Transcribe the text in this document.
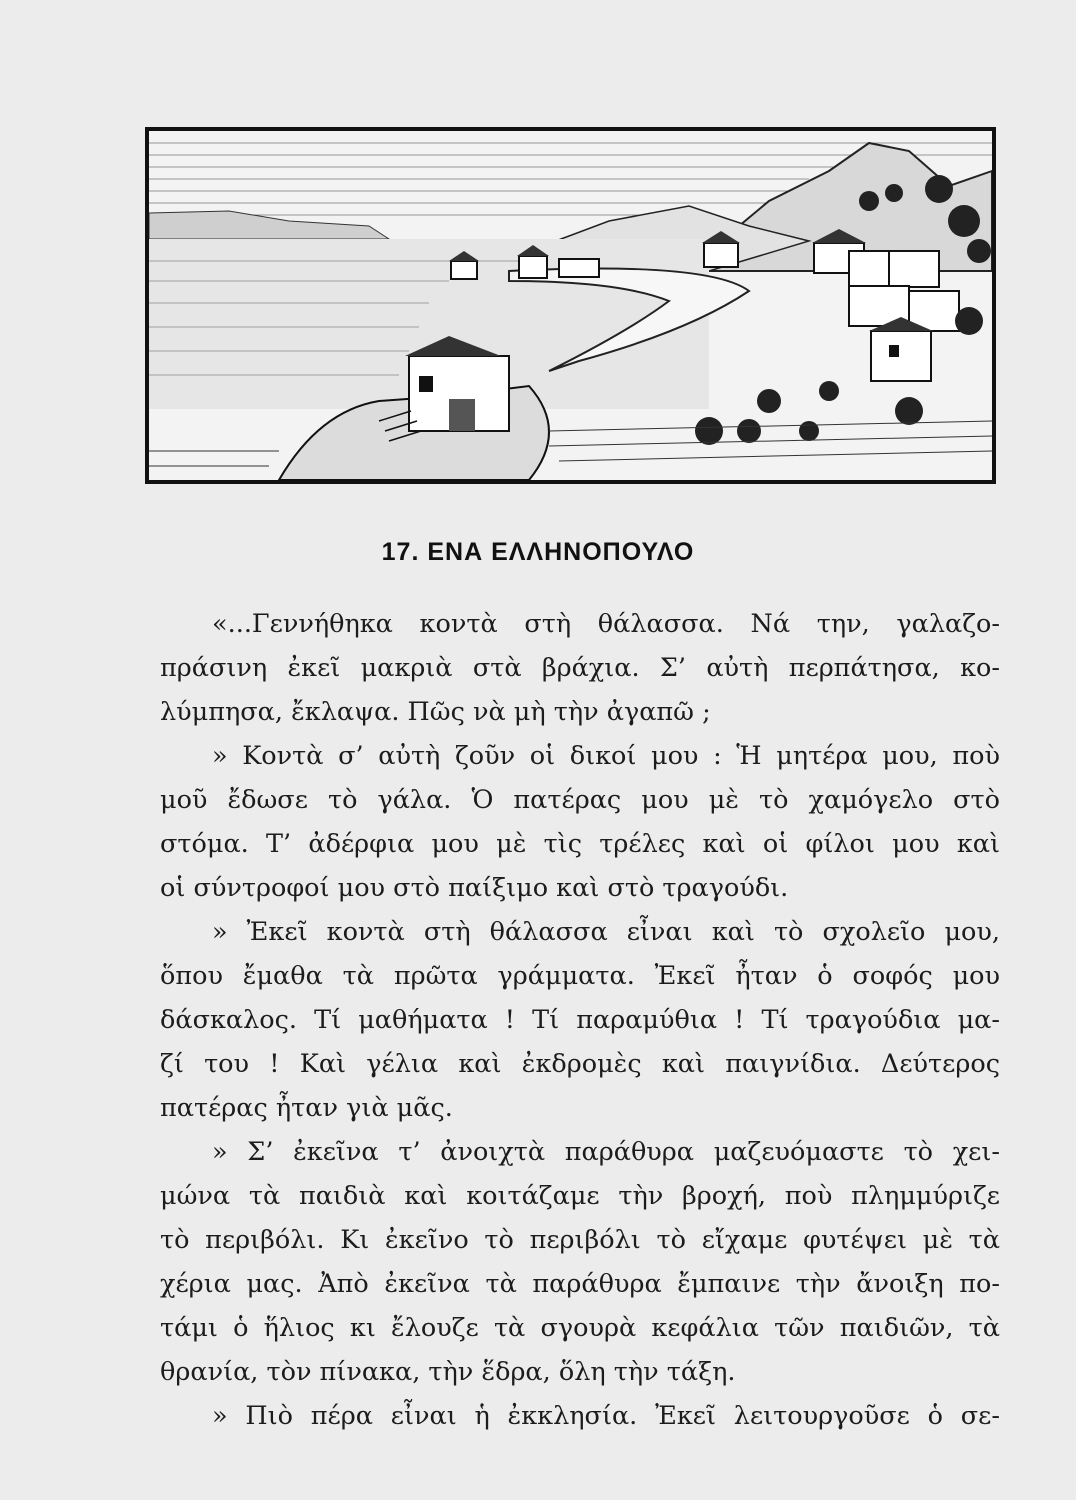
17. ΕΝΑ ΕΛΛΗΝΟΠΟΥΛΟ
«...Γεννήθηκα κοντὰ στὴ θάλασσα. Νά την, γαλαζο-
πράσινη ἐκεῖ μακριὰ στὰ βράχια. Σ’ αὐτὴ περπάτησα, κο-
λύμπησα, ἔκλαψα. Πῶς νὰ μὴ τὴν ἀγαπῶ ;
» Κοντὰ σ’ αὐτὴ ζοῦν οἱ δικοί μου : Ἡ μητέρα μου, ποὺ
μοῦ ἔδωσε τὸ γάλα. Ὁ πατέρας μου μὲ τὸ χαμόγελο στὸ
στόμα. Τ’ ἀδέρφια μου μὲ τὶς τρέλες καὶ οἱ φίλοι μου καὶ
οἱ σύντροφοί μου στὸ παίξιμο καὶ στὸ τραγούδι.
» Ἐκεῖ κοντὰ στὴ θάλασσα εἶναι καὶ τὸ σχολεῖο μου,
ὅπου ἔμαθα τὰ πρῶτα γράμματα. Ἐκεῖ ἦταν ὁ σοφός μου
δάσκαλος. Τί μαθήματα ! Τί παραμύθια ! Τί τραγούδια μα-
ζί του ! Καὶ γέλια καὶ ἐκδρομὲς καὶ παιγνίδια. Δεύτερος
πατέρας ἦταν γιὰ μᾶς.
» Σ’ ἐκεῖνα τ’ ἀνοιχτὰ παράθυρα μαζευόμαστε τὸ χει-
μώνα τὰ παιδιὰ καὶ κοιτάζαμε τὴν βροχή, ποὺ πλημμύριζε
τὸ περιβόλι. Κι ἐκεῖνο τὸ περιβόλι τὸ εἴχαμε φυτέψει μὲ τὰ
χέρια μας. Ἀπὸ ἐκεῖνα τὰ παράθυρα ἔμπαινε τὴν ἄνοιξη πο-
τάμι ὁ ἥλιος κι ἔλουζε τὰ σγουρὰ κεφάλια τῶν παιδιῶν, τὰ
θρανία, τὸν πίνακα, τὴν ἕδρα, ὅλη τὴν τάξη.
» Πιὸ πέρα εἶναι ἡ ἐκκλησία. Ἐκεῖ λειτουργοῦσε ὁ σε-
